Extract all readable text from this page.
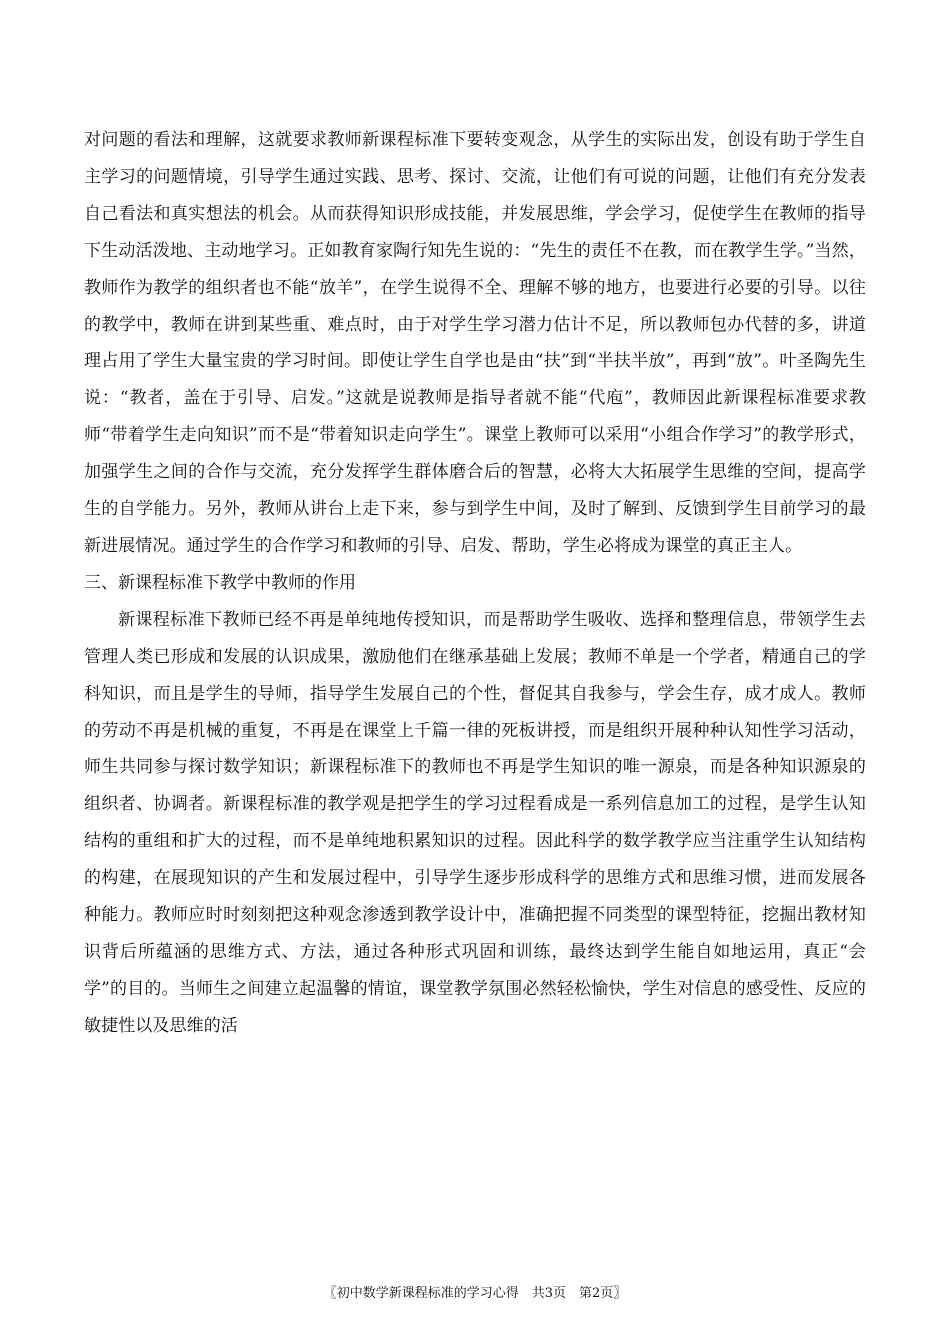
对问题的看法和理解，这就要求教师新课程标准下要转变观念，从学生的实际出发，创设有助于学生自主学习的问题情境，引导学生通过实践、思考、探讨、交流，让他们有可说的问题，让他们有充分发表自己看法和真实想法的机会。从而获得知识形成技能，并发展思维，学会学习，促使学生在教师的指导下生动活泼地、主动地学习。正如教育家陶行知先生说的：“先生的责任不在教，而在教学生学。”当然，教师作为教学的组织者也不能“放羊”，在学生说得不全、理解不够的地方，也要进行必要的引导。以往的教学中，教师在讲到某些重、难点时，由于对学生学习潜力估计不足，所以教师包办代替的多，讲道理占用了学生大量宝贵的学习时间。即使让学生自学也是由“扶”到“半扶半放”，再到“放”。叶圣陶先生说：“教者，盖在于引导、启发。”这就是说教师是指导者就不能“代庖”，教师因此新课程标准要求教师“带着学生走向知识”而不是“带着知识走向学生”。课堂上教师可以采用“小组合作学习”的教学形式，加强学生之间的合作与交流，充分发挥学生群体磨合后的智慧，必将大大拓展学生思维的空间，提高学生的自学能力。另外，教师从讲台上走下来，参与到学生中间，及时了解到、反馈到学生目前学习的最新进展情况。通过学生的合作学习和教师的引导、启发、帮助，学生必将成为课堂的真正主人。

三、新课程标准下教学中教师的作用

新课程标准下教师已经不再是单纯地传授知识，而是帮助学生吸收、选择和整理信息，带领学生去管理人类已形成和发展的认识成果，激励他们在继承基础上发展；教师不单是一个学者，精通自己的学科知识，而且是学生的导师，指导学生发展自己的个性，督促其自我参与，学会生存，成才成人。教师的劳动不再是机械的重复，不再是在课堂上千篇一律的死板讲授，而是组织开展种种认知性学习活动，师生共同参与探讨数学知识；新课程标准下的教师也不再是学生知识的唯一源泉，而是各种知识源泉的组织者、协调者。新课程标准的教学观是把学生的学习过程看成是一系列信息加工的过程，是学生认知结构的重组和扩大的过程，而不是单纯地积累知识的过程。因此科学的数学教学应当注重学生认知结构的构建，在展现知识的产生和发展过程中，引导学生逐步形成科学的思维方式和思维习惯，进而发展各种能力。教师应时时刻刻把这种观念渗透到教学设计中，准确把握不同类型的课型特征，挖掘出教材知识背后所蕴涵的思维方式、方法，通过各种形式巩固和训练，最终达到学生能自如地运用，真正“会学”的目的。当师生之间建立起温馨的情谊，课堂教学氛围必然轻松愉快，学生对信息的感受性、反应的敏捷性以及思维的活

〖初中数学新课程标准的学习心得　共3页　第2页〗
